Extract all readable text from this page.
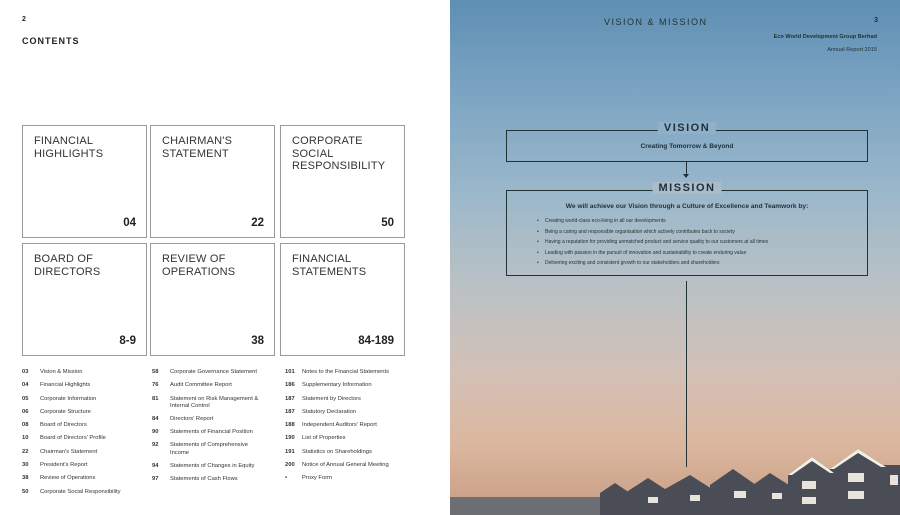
2
CONTENTS
FINANCIAL HIGHLIGHTS
04
CHAIRMAN'S STATEMENT
22
CORPORATE SOCIAL RESPONSIBILITY
50
BOARD OF DIRECTORS
8-9
REVIEW OF OPERATIONS
38
FINANCIAL STATEMENTS
84-189
03	Vision & Mission
04	Financial Highlights
05	Corporate Information
06	Corporate Structure
08	Board of Directors
10	Board of Directors' Profile
22	Chairman's Statement
30	President's Report
38	Review of Operations
50	Corporate Social Responsibility
58	Corporate Governance Statement
76	Audit Committee Report
81	Statement on Risk Management & Internal Control
84	Directors' Report
90	Statements of Financial Position
92	Statements of Comprehensive Income
94	Statements of Changes in Equity
97	Statements of Cash Flows
101	Notes to the Financial Statements
186	Supplementary Information
187	Statement by Directors
187	Statutory Declaration
188	Independent Auditors' Report
190	List of Properties
191	Statistics on Shareholdings
200	Notice of Annual General Meeting
•	Proxy Form
VISION & MISSION	3
Eco World Development Group Berhad
Annual Report 2015
VISION
Creating Tomorrow & Beyond
MISSION
We will achieve our Vision through a Culture of Excellence and Teamwork by:
• Creating world-class eco-living in all our developments
• Being a caring and responsible organisation which actively contributes back to society
• Having a reputation for providing unmatched product and service quality to our customers at all times
• Leading with passion in the pursuit of innovation and sustainability to create enduring value
• Delivering exciting and consistent growth to our stakeholders and shareholders
